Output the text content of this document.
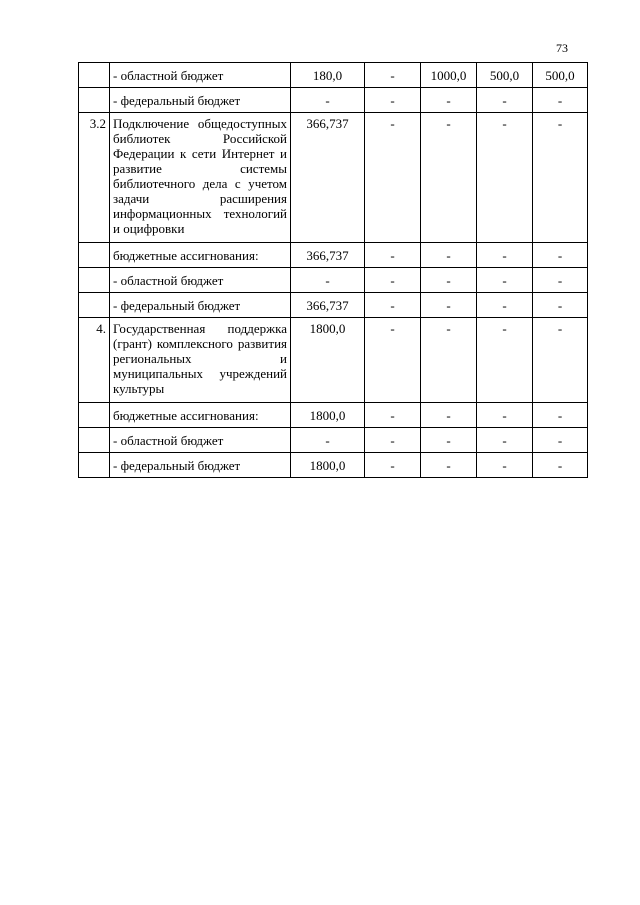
73
	- областной бюджет	180,0	-	1000,0	500,0	500,0
	- федеральный бюджет	-	-	-	-	-
3.2	Подключение общедоступных библиотек Российской Федерации к сети Интернет и развитие системы библиотечного дела с учетом задачи расширения информационных технологий и оцифровки	366,737	-	-	-	-
	бюджетные ассигнования:	366,737	-	-	-	-
	- областной бюджет	-	-	-	-	-
	- федеральный бюджет	366,737	-	-	-	-
4.	Государственная поддержка (грант) комплексного развития региональных и муниципальных учреждений культуры	1800,0	-	-	-	-
	бюджетные ассигнования:	1800,0	-	-	-	-
	- областной бюджет	-	-	-	-	-
	- федеральный бюджет	1800,0	-	-	-	-
